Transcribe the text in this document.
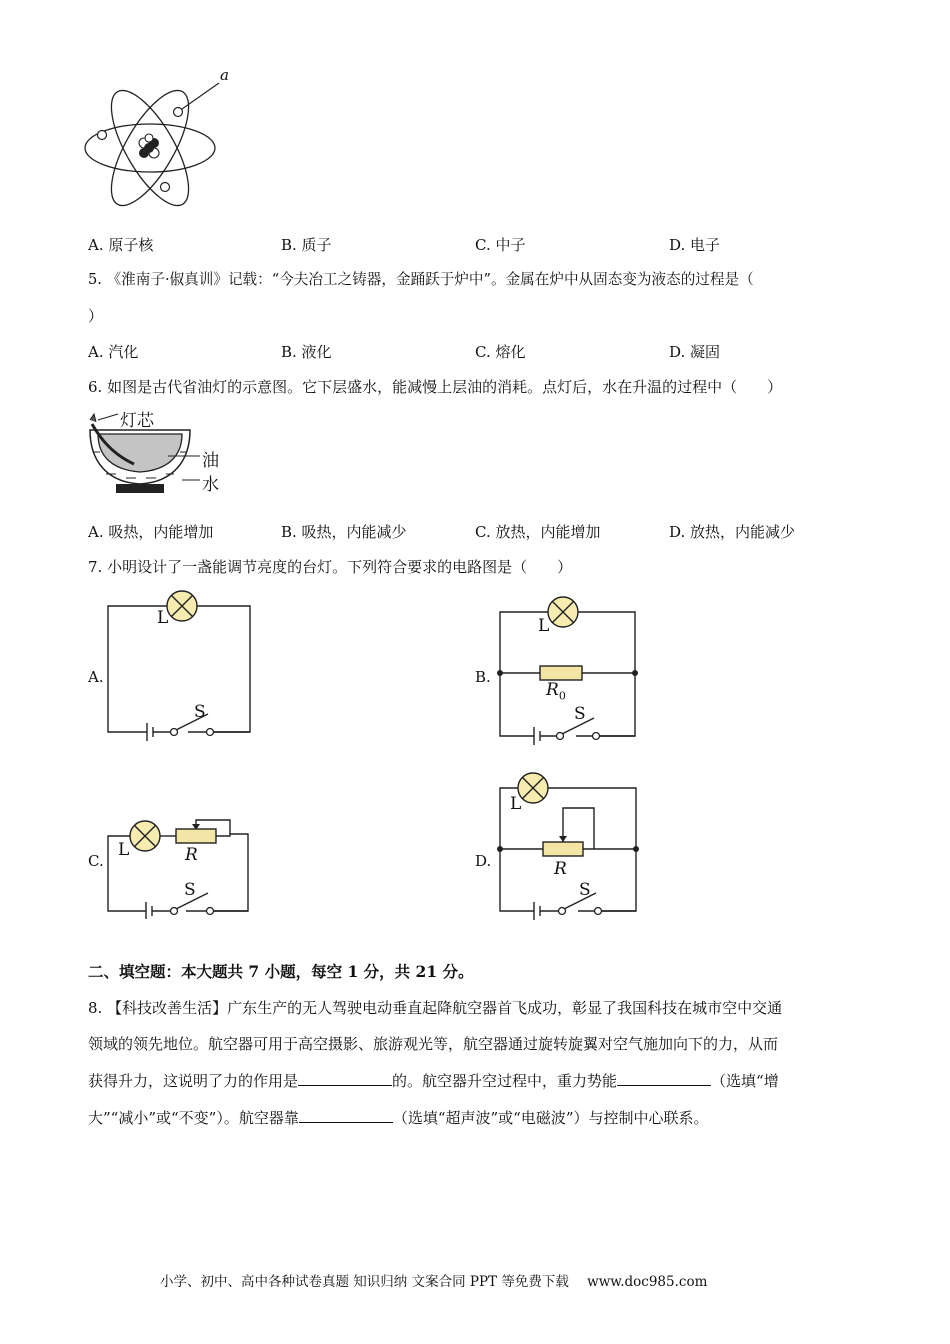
a
A. 原子核	B. 质子	C. 中子	D. 电子
5. 《淮南子·俶真训》记载：“今夫冶工之铸器，金踊跃于炉中”。金属在炉中从固态变为液态的过程是（
）
A. 汽化	B. 液化	C. 熔化	D. 凝固
6. 如图是古代省油灯的示意图。它下层盛水，能减慢上层油的消耗。点灯后，水在升温的过程中（　　）
灯芯
油
水
A. 吸热，内能增加	B. 吸热，内能减少	C. 放热，内能增加	D. 放热，内能减少
7. 小明设计了一盏能调节亮度的台灯。下列符合要求的电路图是（　　）
A.
L
S
B.
L
$R_0$
S
C.
L	R
S
D.
L
R
S
二、填空题：本大题共 7 小题，每空 1 分，共 21 分。
8. 【科技改善生活】广东生产的无人驾驶电动垂直起降航空器首飞成功，彰显了我国科技在城市空中交通
领域的领先地位。航空器可用于高空摄影、旅游观光等，航空器通过旋转旋翼对空气施加向下的力，从而
获得升力，这说明了力的作用是	的。航空器升空过程中，重力势能	（选填“增
大”“减小”或“不变”）。航空器靠	（选填“超声波”或“电磁波”）与控制中心联系。
小学、初中、高中各种试卷真题 知识归纳 文案合同 PPT 等免费下载 www.doc985.com
